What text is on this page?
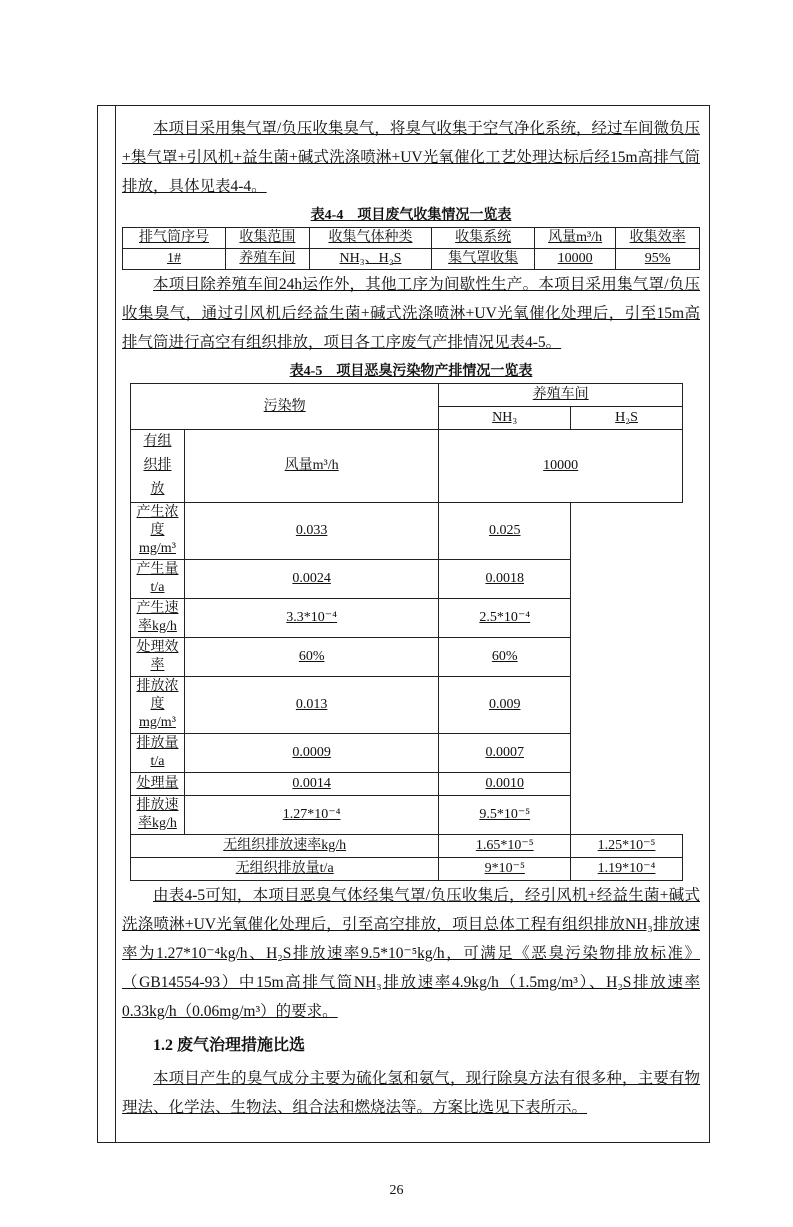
本项目采用集气罩/负压收集臭气，将臭气收集于空气净化系统，经过车间微负压+集气罩+引风机+益生菌+碱式洗涤喷淋+UV光氧催化工艺处理达标后经15m高排气筒排放，具体见表4-4。

表4-4　项目废气收集情况一览表
排气筒序号	收集范围	收集气体种类	收集系统	风量m³/h	收集效率
1#	养殖车间	NH₃、H₂S	集气罩收集	10000	95%

本项目除养殖车间24h运作外，其他工序为间歇性生产。本项目采用集气罩/负压收集臭气，通过引风机后经益生菌+碱式洗涤喷淋+UV光氧催化处理后，引至15m高排气筒进行高空有组织排放，项目各工序废气产排情况见表4-5。

表4-5　项目恶臭污染物产排情况一览表
污染物		养殖车间	
		NH₃	H₂S
有组织排放	风量m³/h	10000	
产生浓度mg/m³	0.033	0.025	
产生量t/a	0.0024	0.0018	
产生速率kg/h	3.3*10⁻⁴	2.5*10⁻⁴	
处理效率	60%	60%	
排放浓度mg/m³	0.013	0.009	
排放量t/a	0.0009	0.0007	
处理量	0.0014	0.0010	
排放速率kg/h	1.27*10⁻⁴	9.5*10⁻⁵	
无组织排放速率kg/h		1.65*10⁻⁵	1.25*10⁻⁵
无组织排放量t/a		9*10⁻⁵	1.19*10⁻⁴

由表4-5可知，本项目恶臭气体经集气罩/负压收集后，经引风机+经益生菌+碱式洗涤喷淋+UV光氧催化处理后，引至高空排放，项目总体工程有组织排放NH₃排放速率为1.27*10⁻⁴kg/h、H₂S排放速率9.5*10⁻⁵kg/h，可满足《恶臭污染物排放标准》（GB14554-93）中15m高排气筒NH₃排放速率4.9kg/h（1.5mg/m³）、H₂S排放速率0.33kg/h（0.06mg/m³）的要求。

1.2 废气治理措施比选

本项目产生的臭气成分主要为硫化氢和氨气，现行除臭方法有很多种，主要有物理法、化学法、生物法、组合法和燃烧法等。方案比选见下表所示。

26
